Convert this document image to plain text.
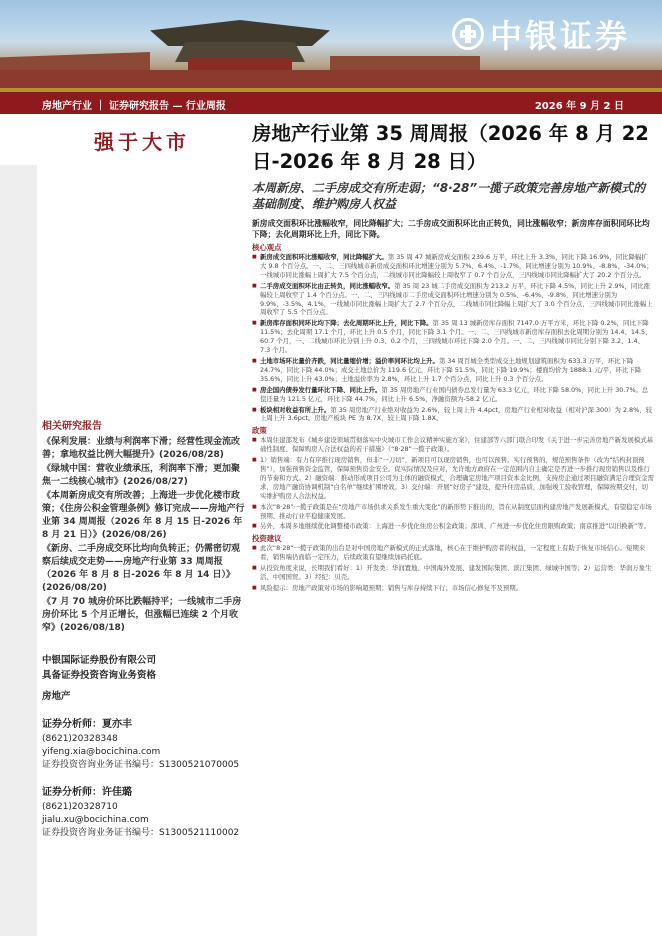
中银证券
房地产行业 ｜ 证券研究报告 — 行业周报	2026 年 9 月 2 日
强于大市
相关研究报告
《保利发展：业绩与利润率下滑；经营性现金流改善；拿地权益比例大幅提升》(2026/08/28)
《绿城中国：营收业绩承压，利润率下滑；更加聚焦一二线核心城市》(2026/08/27)
《本周新房成交有所改善；上海进一步优化楼市政策；《住房公积金管理条例》修订完成——房地产行业第 34 周周报（2026 年 8 月 15 日-2026 年 8 月 21 日）》(2026/08/26)
《新房、二手房成交环比均向负转正；仍需密切观察后续成交走势——房地产行业第 33 周周报（2026 年 8 月 8 日-2026 年 8 月 14 日）》(2026/08/20)
《7 月 70 城房价环比跌幅持平；一线城市二手房房价环比 5 个月正增长，但涨幅已连续 2 个月收窄》(2026/08/18)
中银国际证券股份有限公司
具备证券投资咨询业务资格
房地产
证券分析师：夏亦丰
(8621)20328348
yifeng.xia@bocichina.com
证券投资咨询业务证书编号：S1300521070005
证券分析师：许佳璐
(8621)20328710
jialu.xu@bocichina.com
证券投资咨询业务证书编号：S1300521110002
房地产行业第 35 周周报（2026 年 8 月 22 日-2026 年 8 月 28 日）
本周新房、二手房成交有所走弱；“8·28”一揽子政策完善房地产新模式的基础制度、维护购房人权益
新房成交面积环比涨幅收窄，同比降幅扩大；二手房成交面积环比由正转负，同比涨幅收窄；新房库存面积同环比均下降；去化周期环比上升，同比下降。
核心观点
■ 新房成交面积环比涨幅收窄，同比降幅扩大。第 35 周 47 城新房成交面积 239.6 万平，环比上升 3.3%，同比下降 16.9%，同比降幅扩大 9.8 个百分点。一、二、三四线城市新房成交面积环比增速分别为 5.7%、6.4%、-1.7%，同比增速分别为 10.9%、-8.8%、-34.0%；一线城市同比涨幅上周扩大 7.5 个百分点，二线城市同比降幅较上周收窄了 0.7 个百分点，三四线城市同比降幅扩大了 20.2 个百分点。
■ 二手房成交面积环比由正转负，同比涨幅收窄。第 35 周 23 城二手房成交面积为 213.2 万平，环比下降 4.5%，同比上升 2.9%，同比涨幅较上周收窄了 1.4 个百分点。一、二、三四线城市二手房成交面积环比增速分别为 0.5%、-6.4%、-9.8%，同比增速分别为 9.9%、-3.5%、4.1%，一线城市同比涨幅上周扩大了 2.7 个百分点，二线城市同比降幅上周扩大了 3.0 个百分点，三四线城市同比涨幅上周收窄了 5.5 个百分点。
■ 新房库存面积同环比均下降；去化周期环比上升，同比下降。第 35 周 13 城新房库存面积 7147.0 万平方米，环比下降 0.2%，同比下降 11.5%；去化周期 17.1 个月，环比上升 0.5 个月，同比下降 3.1 个月。一、二、三四线城市新房库存面积去化周期分别为 14.4、14.5、60.7 个月，一、二线城市环比分别上升 0.3、0.2 个月，三四线城市环比下降 2.0 个月。一、二、三四线城市同比分别下降 3.2、1.4、7.3 个月。
■ 土地市场环比量价齐跌，同比量缩价增；溢价率同环比均上升。第 34 周百城全类型成交土地规划建筑面积为 633.3 万平，环比下降 24.7%，同比下降 44.0%；成交土地总价为 119.6 亿元，环比下降 51.5%，同比下降 19.9%；楼面均价为 1888.1 元/平，环比下降 35.6%，同比上升 43.0%；土地溢价率为 2.8%，环比上升 1.7 个百分点，同比上升 0.3 个百分点。
■ 房企国内债券发行量环比下降、同比上升。第 35 周房地产行业国内债券总发行量为 63.3 亿元，环比下降 58.0%，同比上升 30.7%。总偿还量为 121.5 亿元，环比下降 44.7%，同比上升 6.5%，净融资额为-58.2 亿元。
■ 板块相对收益有所上升。第 35 周房地产行业绝对收益为 2.6%，较上周上升 4.4pct，房地产行业相对收益（相对沪深 300）为 2.8%，较上周上升 3.6pct。房地产板块 PE 为 8.7X，较上周下降 1.8X。
政策
■ 本周住建部发布《城乡建设领域贯彻落实中央城市工作会议精神实施方案》，住建部等六部门联合印发《关于进一步完善房地产新发展模式基础性制度、保障购房人合法权益的若干措施》（“8·28”一揽子政策）。
■ 1）销售端：有力有序推行现房销售，但非“一刀切”，新项目可以现房销售，也可以预售。实行预售的，规范预售条件（改为“结构封顶预售”），加强预售资金监管，保障预售资金安全。促实际情况及应对，允许地方政府在一定范围内自主确定是否进一步推行现房销售以及推行的节奏和方式。2）融资端：推动形成项目公司为主体的融资模式，合理确定房地产项目资本金比例，支持房企通过项目融资满足合理资金需求，房地产融资协调机制“白名单”继续扩围增效。3）交付端：开展“好房子”建设，提升住房品质，加强竣工验收管理，保障按期交付，切实维护购房人合法权益。
■ 本次“8·28”一揽子政策是在“房地产市场供求关系发生重大变化”的新形势下推出的，旨在从制度层面构建房地产发展新模式，有望稳定市场预期、推动行业平稳健康发展。
■ 另外，本周多地继续优化调整楼市政策：上海进一步优化住房公积金政策；深圳、广州进一步优化住房限购政策；南京推进“以旧换新”等。
投资建议
■ 此次“8·28”一揽子政策的出台是对中国房地产新模式的正式落地，核心在于维护购房者的权益，一定程度上有助于恢复市场信心。短期来看，销售端仍面临一定压力，后续政策有望继续加码托底。
■ 从投资角度来说，长期我们看好：1）开发类：华润置地、中国海外发展、建发国际集团、滨江集团、绿城中国等；2）运营类：华润万象生活、中国国贸。3）经纪：贝壳。
■ 风险提示：房地产政策对市场的影响超预期；销售与库存持续下行；市场信心修复不及预期。
